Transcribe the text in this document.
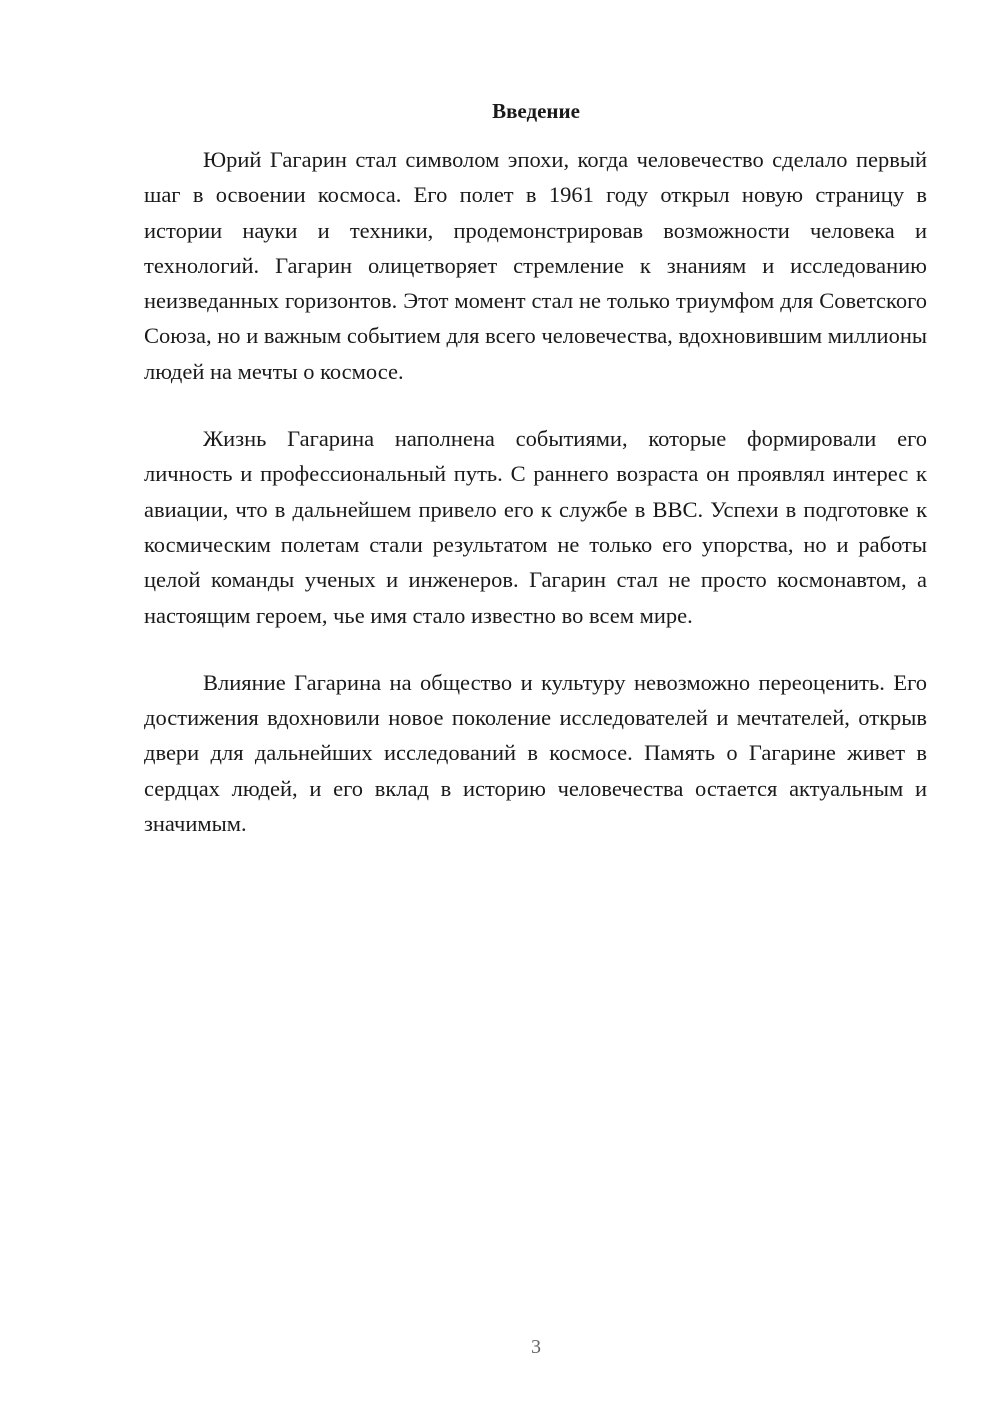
Введение

Юрий Гагарин стал символом эпохи, когда человечество сделало первый шаг в освоении космоса. Его полет в 1961 году открыл новую страницу в истории науки и техники, продемонстрировав возможности человека и технологий. Гагарин олицетворяет стремление к знаниям и исследованию неизведанных горизонтов. Этот момент стал не только триумфом для Советского Союза, но и важным событием для всего человечества, вдохновившим миллионы людей на мечты о космосе.

Жизнь Гагарина наполнена событиями, которые формировали его личность и профессиональный путь. С раннего возраста он проявлял интерес к авиации, что в дальнейшем привело его к службе в ВВС. Успехи в подготовке к космическим полетам стали результатом не только его упорства, но и работы целой команды ученых и инженеров. Гагарин стал не просто космонавтом, а настоящим героем, чье имя стало известно во всем мире.

Влияние Гагарина на общество и культуру невозможно переоценить. Его достижения вдохновили новое поколение исследователей и мечтателей, открыв двери для дальнейших исследований в космосе. Память о Гагарине живет в сердцах людей, и его вклад в историю человечества остается актуальным и значимым.

3
